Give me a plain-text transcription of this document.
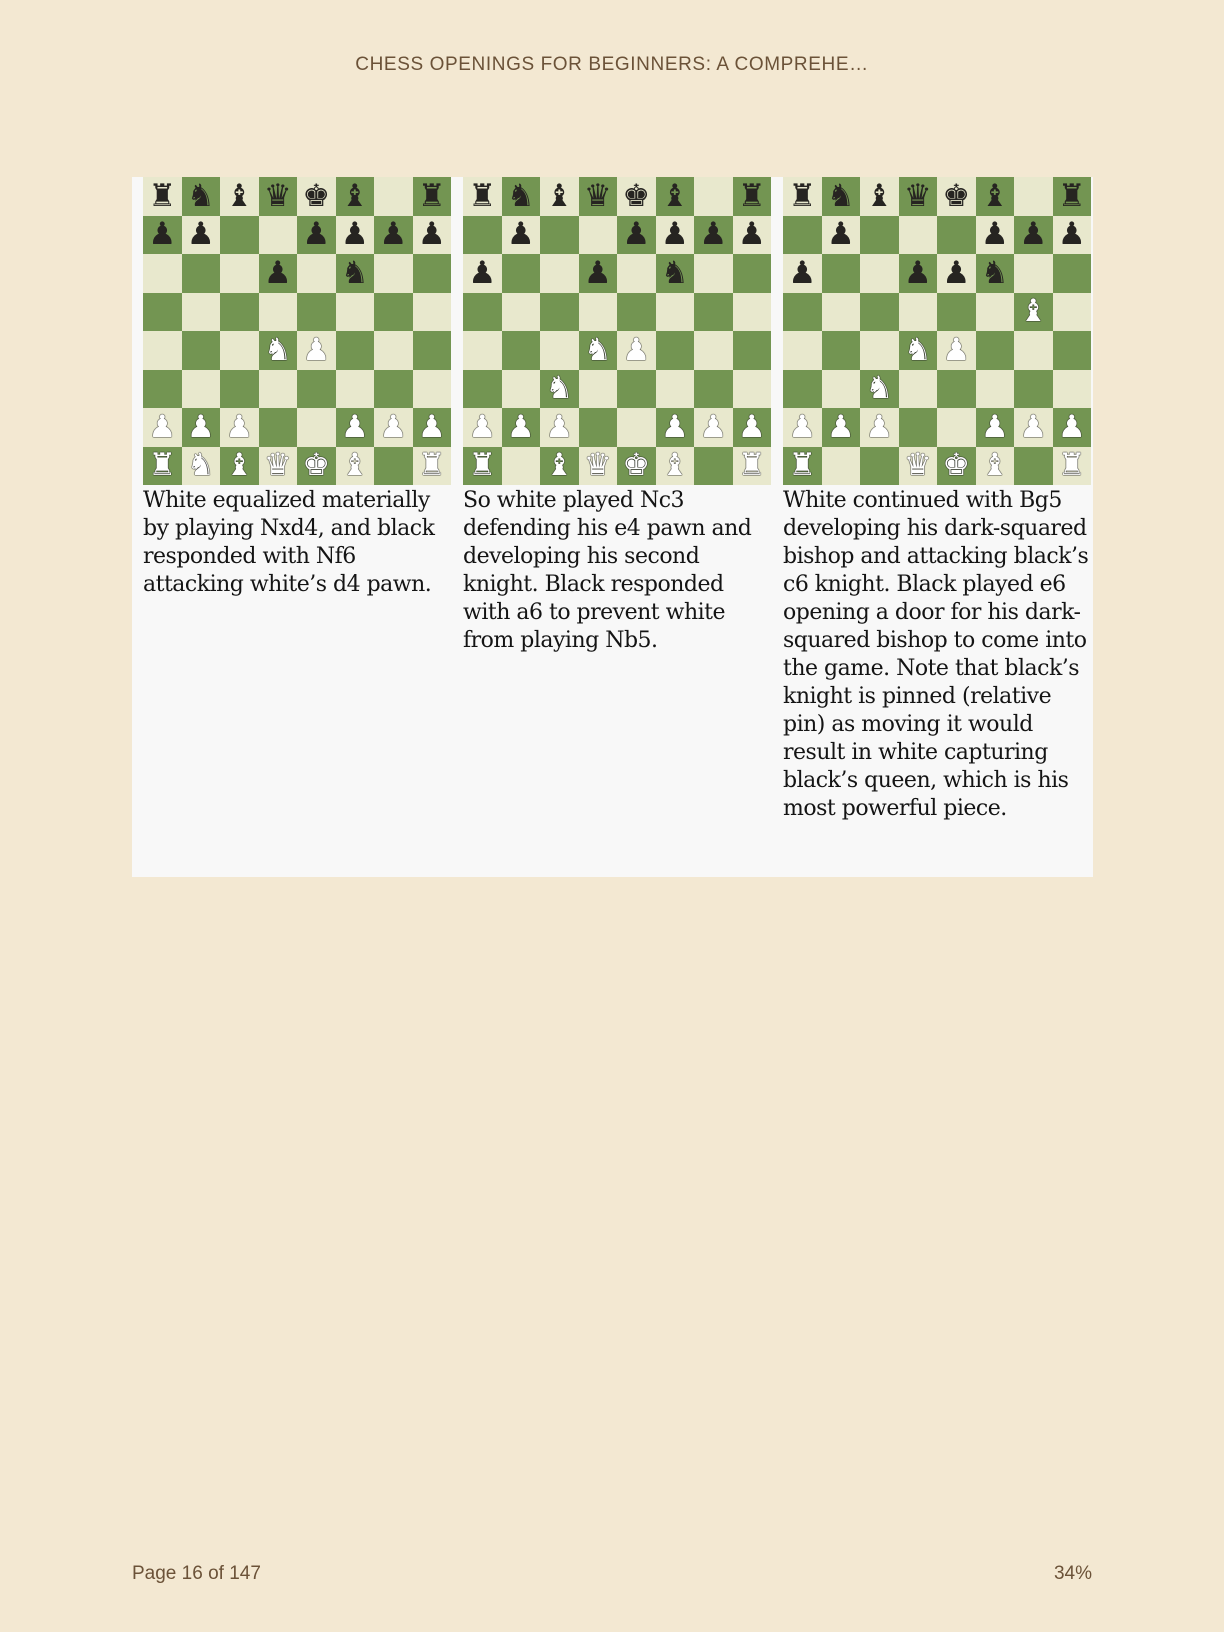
CHESS OPENINGS FOR BEGINNERS: A COMPREHE…
♜ ♞ ♝ ♛ ♚ ♝ ♜
♟ ♟	♟ ♟ ♟ ♟
♟ ♞
♞ ♟
♟ ♟ ♟	♟ ♟ ♟
♜ ♞ ♝ ♛ ♚ ♝ ♜
White equalized materially by playing Nxd4, and black responded with Nf6 attacking white’s d4 pawn.
♜ ♞ ♝ ♛ ♚ ♝ ♜
♟	♟ ♟ ♟ ♟
♟	♟ ♞
♞ ♟
♞
♟ ♟ ♟	♟ ♟ ♟
♜ ♝ ♛ ♚ ♝ ♜
So white played Nc3 defending his e4 pawn and developing his second knight. Black responded with a6 to prevent white from playing Nb5.
♜ ♞ ♝ ♛ ♚ ♝ ♜
♟	♟ ♟ ♟
♟	♟ ♟ ♞
♝
♞ ♟
♞
♟ ♟ ♟	♟ ♟ ♟
♜	♛ ♚ ♝ ♜
White continued with Bg5 developing his dark-squared bishop and attacking black’s c6 knight. Black played e6 opening a door for his dark-squared bishop to come into the game. Note that black’s knight is pinned (relative pin) as moving it would result in white capturing black’s queen, which is his most powerful piece.
Page 16 of 147	34%
